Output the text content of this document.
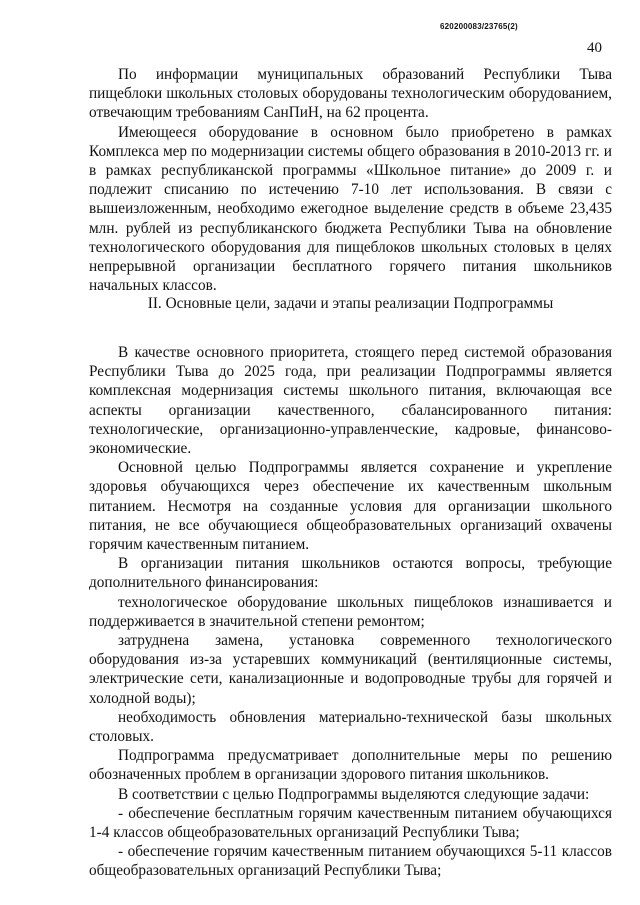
620200083/23765(2)
40

По информации муниципальных образований Республики Тыва пищеблоки школьных столовых оборудованы технологическим оборудованием, отвечающим требованиям СанПиН, на 62 процента.

Имеющееся оборудование в основном было приобретено в рамках Комплекса мер по модернизации системы общего образования в 2010-2013 гг. и в рамках республиканской программы «Школьное питание» до 2009 г. и подлежит списанию по истечению 7-10 лет использования. В связи с вышеизложенным, необходимо ежегодное выделение средств в объеме 23,435 млн. рублей из республиканского бюджета Республики Тыва на обновление технологического оборудования для пищеблоков школьных столовых в целях непрерывной организации бесплатного горячего питания школьников начальных классов.

II. Основные цели, задачи и этапы реализации Подпрограммы

В качестве основного приоритета, стоящего перед системой образования Республики Тыва до 2025 года, при реализации Подпрограммы является комплексная модернизация системы школьного питания, включающая все аспекты организации качественного, сбалансированного питания: технологические, организационно-управленческие, кадровые, финансово-экономические.

Основной целью Подпрограммы является сохранение и укрепление здоровья обучающихся через обеспечение их качественным школьным питанием. Несмотря на созданные условия для организации школьного питания, не все обучающиеся общеобразовательных организаций охвачены горячим качественным питанием.

В организации питания школьников остаются вопросы, требующие дополнительного финансирования:

технологическое оборудование школьных пищеблоков изнашивается и поддерживается в значительной степени ремонтом;

затруднена замена, установка современного технологического оборудования из-за устаревших коммуникаций (вентиляционные системы, электрические сети, канализационные и водопроводные трубы для горячей и холодной воды);

необходимость обновления материально-технической базы школьных столовых.

Подпрограмма предусматривает дополнительные меры по решению обозначенных проблем в организации здорового питания школьников.

В соответствии с целью Подпрограммы выделяются следующие задачи:

- обеспечение бесплатным горячим качественным питанием обучающихся 1-4 классов общеобразовательных организаций Республики Тыва;

- обеспечение горячим качественным питанием обучающихся 5-11 классов общеобразовательных организаций Республики Тыва;
